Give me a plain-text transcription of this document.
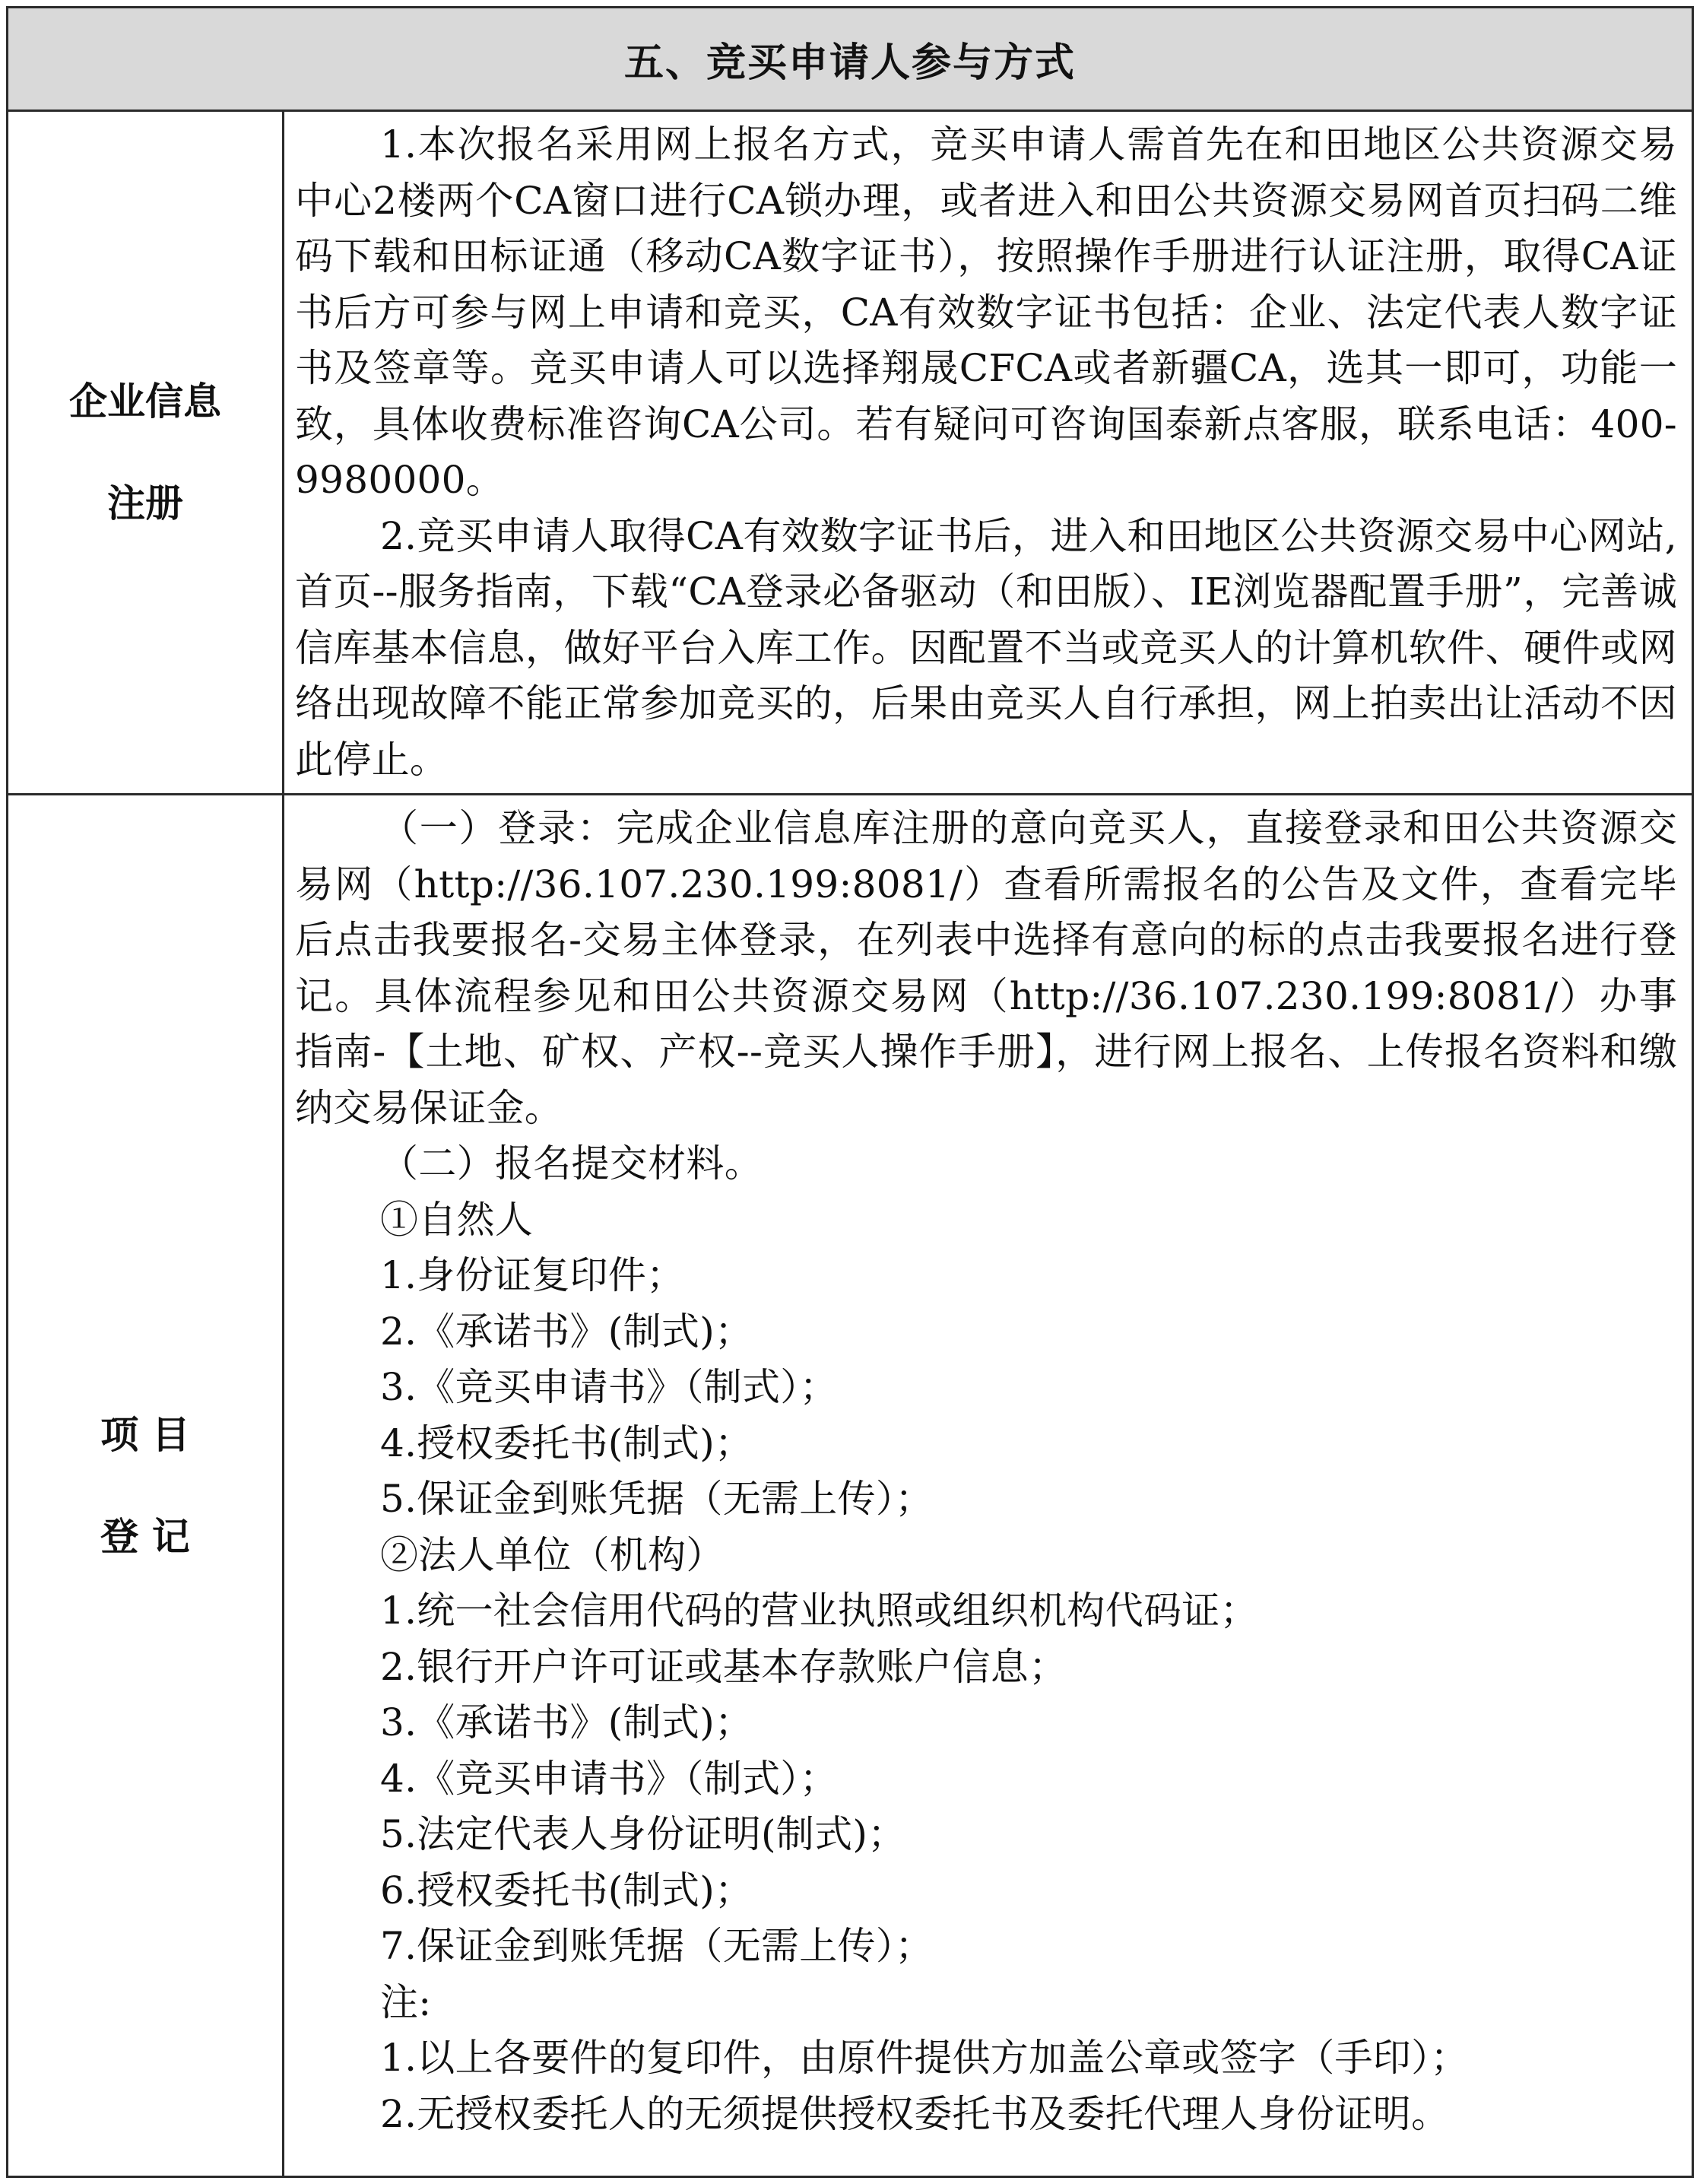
五、竞买申请人参与方式
企业信息
注册

1.本次报名采用网上报名方式，竞买申请人需首先在和田地区公共资源交易中心2楼两个CA窗口进行CA锁办理，或者进入和田公共资源交易网首页扫码二维码下载和田标证通（移动CA数字证书），按照操作手册进行认证注册，取得CA证书后方可参与网上申请和竞买，CA有效数字证书包括：企业、法定代表人数字证书及签章等。竞买申请人可以选择翔晟CFCA或者新疆CA，选其一即可，功能一致，具体收费标准咨询CA公司。若有疑问可咨询国泰新点客服，联系电话：400-9980000。

2.竞买申请人取得CA有效数字证书后，进入和田地区公共资源交易中心网站,首页--服务指南，下载“CA登录必备驱动（和田版）、IE浏览器配置手册”，完善诚信库基本信息，做好平台入库工作。因配置不当或竞买人的计算机软件、硬件或网络出现故障不能正常参加竞买的，后果由竞买人自行承担，网上拍卖出让活动不因此停止。

项 目
登 记

（一）登录：完成企业信息库注册的意向竞买人，直接登录和田公共资源交易网（http://36.107.230.199:8081/）查看所需报名的公告及文件，查看完毕后点击我要报名-交易主体登录，在列表中选择有意向的标的点击我要报名进行登记。具体流程参见和田公共资源交易网（http://36.107.230.199:8081/）办事指南-【土地、矿权、产权--竞买人操作手册】，进行网上报名、上传报名资料和缴纳交易保证金。

（二）报名提交材料。

①自然人

1.身份证复印件；

2.《承诺书》(制式)；

3.《竞买申请书》（制式）；

4.授权委托书(制式)；

5.保证金到账凭据（无需上传）；

②法人单位（机构）

1.统一社会信用代码的营业执照或组织机构代码证；

2.银行开户许可证或基本存款账户信息；

3.《承诺书》(制式)；

4.《竞买申请书》（制式）；

5.法定代表人身份证明(制式)；

6.授权委托书(制式)；

7.保证金到账凭据（无需上传）；

注:

1.以上各要件的复印件，由原件提供方加盖公章或签字（手印）；

2.无授权委托人的无须提供授权委托书及委托代理人身份证明。
